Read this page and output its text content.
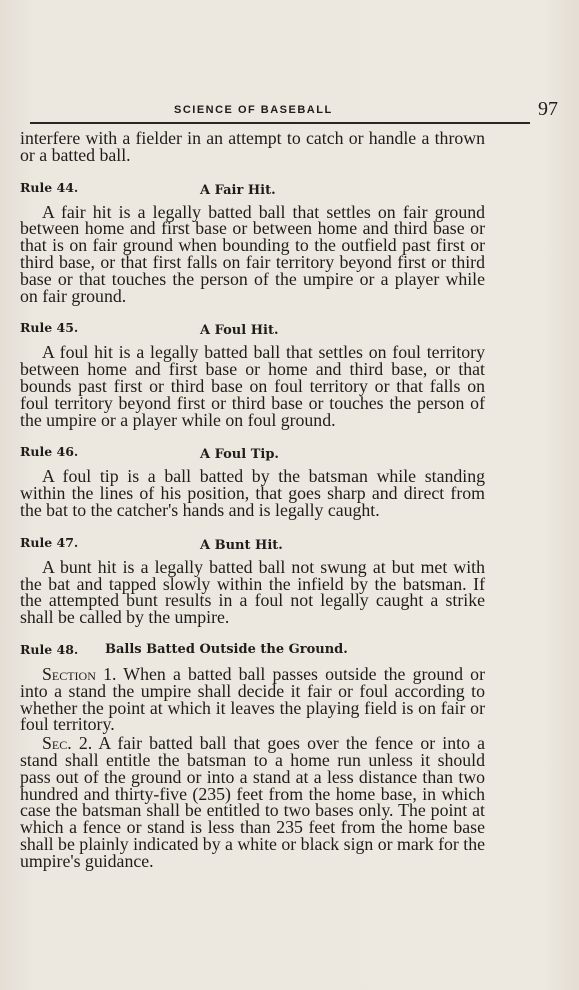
SCIENCE OF BASEBALL	97

interfere with a fielder in an attempt to catch or handle a thrown or a batted ball.

Rule 44.	A Fair Hit.

A fair hit is a legally batted ball that settles on fair ground between home and first base or between home and third base or that is on fair ground when bounding to the outfield past first or third base, or that first falls on fair territory beyond first or third base or that touches the person of the umpire or a player while on fair ground.

Rule 45.	A Foul Hit.

A foul hit is a legally batted ball that settles on foul territory between home and first base or home and third base, or that bounds past first or third base on foul territory or that falls on foul territory beyond first or third base or touches the person of the umpire or a player while on foul ground.

Rule 46.	A Foul Tip.

A foul tip is a ball batted by the batsman while standing within the lines of his position, that goes sharp and direct from the bat to the catcher's hands and is legally caught.

Rule 47.	A Bunt Hit.

A bunt hit is a legally batted ball not swung at but met with the bat and tapped slowly within the infield by the batsman. If the attempted bunt results in a foul not legally caught a strike shall be called by the umpire.

Rule 48. Balls Batted Outside the Ground.

Section 1. When a batted ball passes outside the ground or into a stand the umpire shall decide it fair or foul according to whether the point at which it leaves the playing field is on fair or foul territory.

Sec. 2. A fair batted ball that goes over the fence or into a stand shall entitle the batsman to a home run unless it should pass out of the ground or into a stand at a less distance than two hundred and thirty-five (235) feet from the home base, in which case the batsman shall be entitled to two bases only. The point at which a fence or stand is less than 235 feet from the home base shall be plainly indicated by a white or black sign or mark for the umpire's guidance.
